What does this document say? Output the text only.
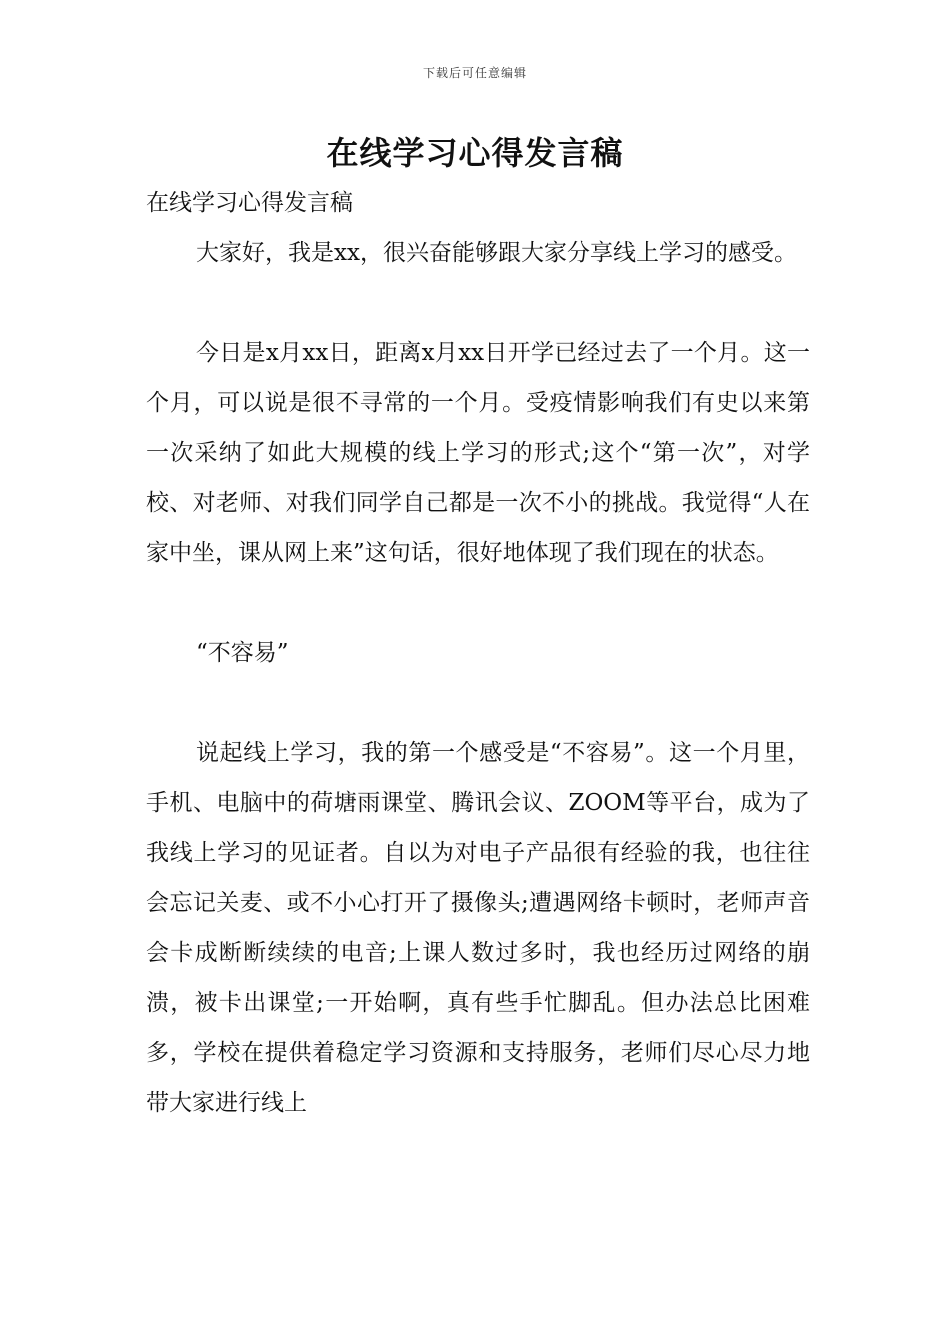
下载后可任意编辑
在线学习心得发言稿

在线学习心得发言稿

大家好，我是xx，很兴奋能够跟大家分享线上学习的感受。

今日是x月xx日，距离x月xx日开学已经过去了一个月。这一个月，可以说是很不寻常的一个月。受疫情影响我们有史以来第一次采纳了如此大规模的线上学习的形式;这个“第一次”，对学校、对老师、对我们同学自己都是一次不小的挑战。我觉得“人在家中坐，课从网上来”这句话，很好地体现了我们现在的状态。

“不容易”

说起线上学习，我的第一个感受是“不容易”。这一个月里，手机、电脑中的荷塘雨课堂、腾讯会议、ZOOM等平台，成为了我线上学习的见证者。自以为对电子产品很有经验的我，也往往会忘记关麦、或不小心打开了摄像头;遭遇网络卡顿时，老师声音会卡成断断续续的电音;上课人数过多时，我也经历过网络的崩溃，被卡出课堂;一开始啊，真有些手忙脚乱。但办法总比困难多，学校在提供着稳定学习资源和支持服务，老师们尽心尽力地带大家进行线上
